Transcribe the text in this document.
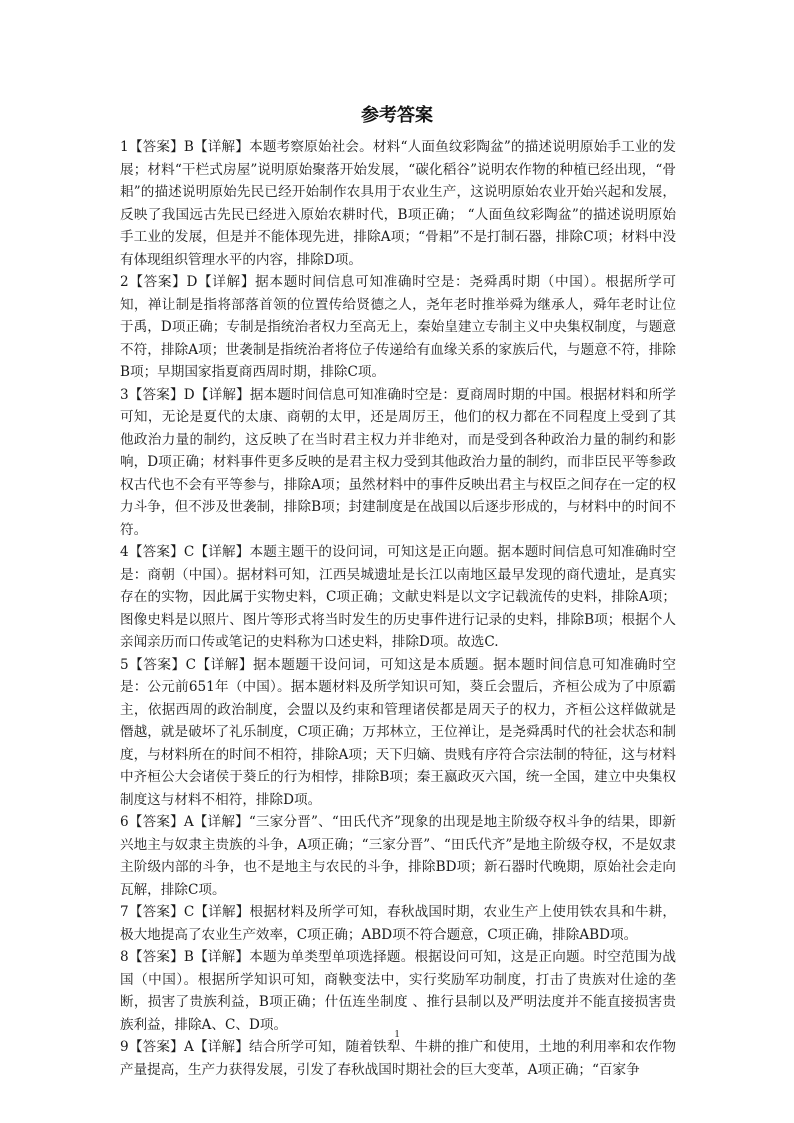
参考答案

1【答案】B【详解】本题考察原始社会。材料“人面鱼纹彩陶盆”的描述说明原始手工业的发展；材料“干栏式房屋”说明原始聚落开始发展，“碳化稻谷”说明农作物的种植已经出现，“骨耜”的描述说明原始先民已经开始制作农具用于农业生产，这说明原始农业开始兴起和发展，反映了我国远古先民已经进入原始农耕时代，B项正确； “人面鱼纹彩陶盆”的描述说明原始手工业的发展，但是并不能体现先进，排除A项；“骨耜”不是打制石器，排除C项；材料中没有体现组织管理水平的内容，排除D项。

2【答案】D【详解】据本题时间信息可知准确时空是：尧舜禹时期（中国）。根据所学可知，禅让制是指将部落首领的位置传给贤德之人，尧年老时推举舜为继承人，舜年老时让位于禹，D项正确；专制是指统治者权力至高无上，秦始皇建立专制主义中央集权制度，与题意不符，排除A项；世袭制是指统治者将位子传递给有血缘关系的家族后代，与题意不符，排除B项；早期国家指夏商西周时期，排除C项。

3【答案】D【详解】据本题时间信息可知准确时空是：夏商周时期的中国。根据材料和所学可知，无论是夏代的太康、商朝的太甲，还是周厉王，他们的权力都在不同程度上受到了其他政治力量的制约，这反映了在当时君主权力并非绝对，而是受到各种政治力量的制约和影响，D项正确；材料事件更多反映的是君主权力受到其他政治力量的制约，而非臣民平等参政权古代也不会有平等参与，排除A项；虽然材料中的事件反映出君主与权臣之间存在一定的权力斗争，但不涉及世袭制，排除B项；封建制度是在战国以后逐步形成的，与材料中的时间不符。

4【答案】C【详解】本题主题干的设问词，可知这是正向题。据本题时间信息可知准确时空是：商朝（中国）。据材料可知，江西吴城遗址是长江以南地区最早发现的商代遗址，是真实存在的实物，因此属于实物史料，C项正确；文献史料是以文字记载流传的史料，排除A项；图像史料是以照片、图片等形式将当时发生的历史事件进行记录的史料，排除B项；根据个人亲闻亲历而口传或笔记的史料称为口述史料，排除D项。故选C.

5【答案】C【详解】据本题题干设问词，可知这是本质题。据本题时间信息可知准确时空是：公元前651年（中国）。据本题材料及所学知识可知，葵丘会盟后，齐桓公成为了中原霸主，依据西周的政治制度，会盟以及约束和管理诸侯都是周天子的权力，齐桓公这样做就是僭越，就是破坏了礼乐制度，C项正确；万邦林立，王位禅让，是尧舜禹时代的社会状态和制度，与材料所在的时间不相符，排除A项；天下归嫡、贵贱有序符合宗法制的特征，这与材料中齐桓公大会诸侯于葵丘的行为相悖，排除B项；秦王嬴政灭六国，统一全国，建立中央集权制度这与材料不相符，排除D项。

6【答案】A【详解】“三家分晋”、“田氏代齐”现象的出现是地主阶级夺权斗争的结果，即新兴地主与奴隶主贵族的斗争，A项正确；“三家分晋”、“田氏代齐”是地主阶级夺权，不是奴隶主阶级内部的斗争，也不是地主与农民的斗争，排除BD项；新石器时代晚期，原始社会走向瓦解，排除C项。

7【答案】C【详解】根据材料及所学可知，春秋战国时期，农业生产上使用铁农具和牛耕，极大地提高了农业生产效率，C项正确；ABD项不符合题意，C项正确，排除ABD项。

8【答案】B【详解】本题为单类型单项选择题。根据设问可知，这是正向题。时空范围为战国（中国）。根据所学知识可知，商鞅变法中，实行奖励军功制度，打击了贵族对仕途的垄断，损害了贵族利益，B项正确；什伍连坐制度 、推行县制以及严明法度并不能直接损害贵族利益，排除A、C、D项。

9【答案】A【详解】结合所学可知，随着铁犁、牛耕的推广和使用，土地的利用率和农作物产量提高，生产力获得发展，引发了春秋战国时期社会的巨大变革，A项正确；“百家争

1
